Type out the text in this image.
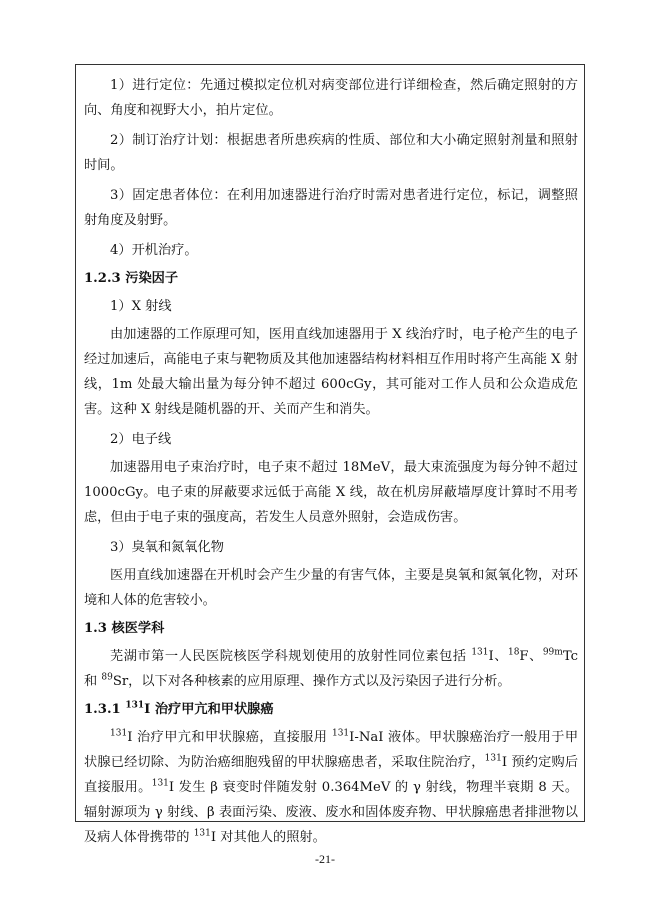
1）进行定位：先通过模拟定位机对病变部位进行详细检查，然后确定照射的方向、角度和视野大小，拍片定位。

2）制订治疗计划：根据患者所患疾病的性质、部位和大小确定照射剂量和照射时间。

3）固定患者体位：在利用加速器进行治疗时需对患者进行定位，标记，调整照射角度及射野。

4）开机治疗。

1.2.3 污染因子

1）X 射线

由加速器的工作原理可知，医用直线加速器用于 X 线治疗时，电子枪产生的电子经过加速后，高能电子束与靶物质及其他加速器结构材料相互作用时将产生高能 X 射线，1m 处最大输出量为每分钟不超过 600cGy，其可能对工作人员和公众造成危害。这种 X 射线是随机器的开、关而产生和消失。

2）电子线

加速器用电子束治疗时，电子束不超过 18MeV，最大束流强度为每分钟不超过1000cGy。电子束的屏蔽要求远低于高能 X 线，故在机房屏蔽墙厚度计算时不用考虑，但由于电子束的强度高，若发生人员意外照射，会造成伤害。

3）臭氧和氮氧化物

医用直线加速器在开机时会产生少量的有害气体，主要是臭氧和氮氧化物，对环境和人体的危害较小。

1.3 核医学科

芜湖市第一人民医院核医学科规划使用的放射性同位素包括 $^{131}$I、$^{18}$F、$^{99m}$Tc 和 $^{89}$Sr，以下对各种核素的应用原理、操作方式以及污染因子进行分析。

1.3.1 $^{131}$I 治疗甲亢和甲状腺癌

$^{131}$I 治疗甲亢和甲状腺癌，直接服用 $^{131}$I-NaI 液体。甲状腺癌治疗一般用于甲状腺已经切除、为防治癌细胞残留的甲状腺癌患者，采取住院治疗，$^{131}$I 预约定购后直接服用。$^{131}$I 发生 β 衰变时伴随发射 0.364MeV 的 γ 射线，物理半衰期 8 天。辐射源项为 γ 射线、β 表面污染、废液、废水和固体废弃物、甲状腺癌患者排泄物以及病人体骨携带的 $^{131}$I 对其他人的照射。

-21-
